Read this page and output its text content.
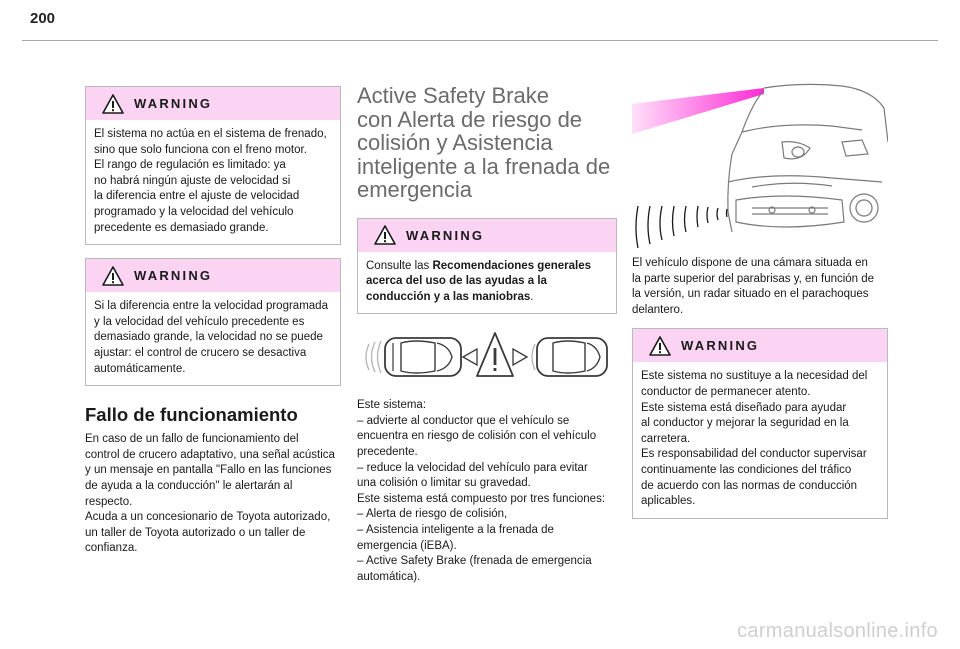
200
WARNING

El sistema no actúa en el sistema de frenado,

sino que solo funciona con el freno motor.

El rango de regulación es limitado: ya

no habrá ningún ajuste de velocidad si

la diferencia entre el ajuste de velocidad

programado y la velocidad del vehículo

precedente es demasiado grande.

WARNING

Si la diferencia entre la velocidad programada

y la velocidad del vehículo precedente es

demasiado grande, la velocidad no se puede

ajustar: el control de crucero se desactiva

automáticamente.

Fallo de funcionamiento

En caso de un fallo de funcionamiento del

control de crucero adaptativo, una señal acústica

y un mensaje en pantalla "Fallo en las funciones

de ayuda a la conducción" le alertarán al

respecto.

Acuda a un concesionario de Toyota autorizado,

un taller de Toyota autorizado o un taller de

confianza.

Active Safety Brake
con Alerta de riesgo de
colisión y Asistencia
inteligente a la frenada de
emergencia
WARNING
Consulte las Recomendaciones generales
acerca del uso de las ayudas a la
conducción y a las maniobras.

Este sistema:

– advierte al conductor que el vehículo se

encuentra en riesgo de colisión con el vehículo

precedente.

– reduce la velocidad del vehículo para evitar

una colisión o limitar su gravedad.

Este sistema está compuesto por tres funciones:

– Alerta de riesgo de colisión,

– Asistencia inteligente a la frenada de

emergencia (iEBA).

– Active Safety Brake (frenada de emergencia

automática).

El vehículo dispone de una cámara situada en

la parte superior del parabrisas y, en función de

la versión, un radar situado en el parachoques

delantero.

WARNING

Este sistema no sustituye a la necesidad del

conductor de permanecer atento.

Este sistema está diseñado para ayudar

al conductor y mejorar la seguridad en la

carretera.

Es responsabilidad del conductor supervisar

continuamente las condiciones del tráfico

de acuerdo con las normas de conducción

aplicables.

carmanualsonline.info
